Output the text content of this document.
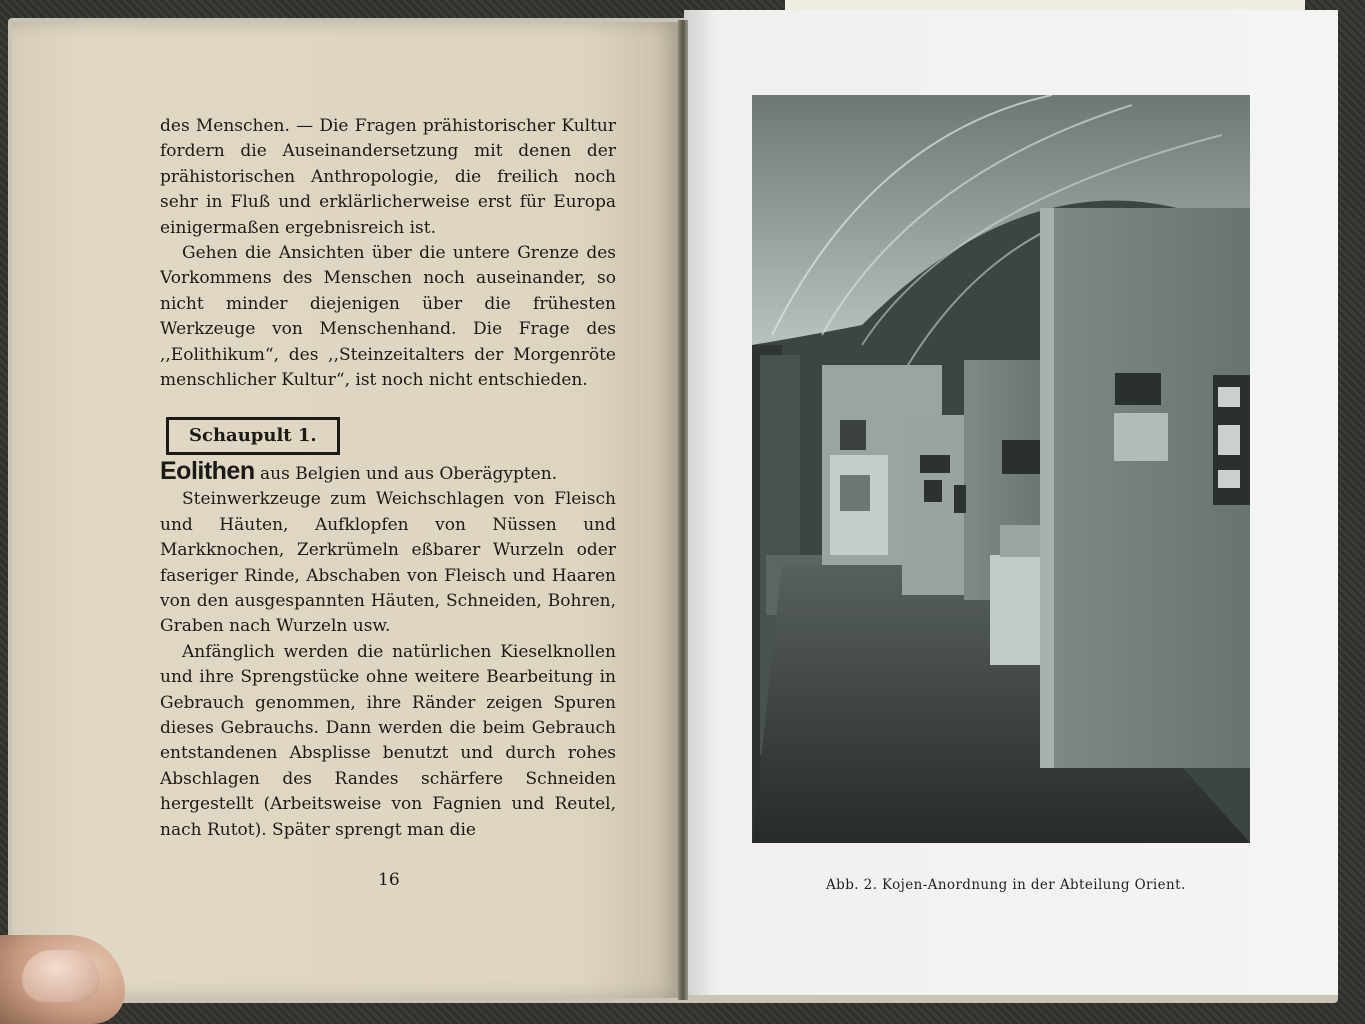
des Menschen. — Die Fragen prähistorischer Kultur fordern die Auseinandersetzung mit denen der prähistorischen Anthropologie, die freilich noch sehr in Fluß und erklärlicherweise erst für Europa einigermaßen ergebnisreich ist.

Gehen die Ansichten über die untere Grenze des Vorkommens des Menschen noch auseinander, so nicht minder diejenigen über die frühesten Werkzeuge von Menschenhand. Die Frage des ,,Eolithikum“, des ,,Steinzeitalters der Morgenröte menschlicher Kultur“, ist noch nicht entschieden.

Schaupult 1.

Eolithen aus Belgien und aus Oberägypten.

Steinwerkzeuge zum Weichschlagen von Fleisch und Häuten, Aufklopfen von Nüssen und Markknochen, Zerkrümeln eßbarer Wurzeln oder faseriger Rinde, Abschaben von Fleisch und Haaren von den ausgespannten Häuten, Schneiden, Bohren, Graben nach Wurzeln usw.

Anfänglich werden die natürlichen Kieselknollen und ihre Sprengstücke ohne weitere Bearbeitung in Gebrauch genommen, ihre Ränder zeigen Spuren dieses Gebrauchs. Dann werden die beim Gebrauch entstandenen Absplisse benutzt und durch rohes Abschlagen des Randes schärfere Schneiden hergestellt (Arbeitsweise von Fagnien und Reutel, nach Rutot). Später sprengt man die

16	Abb. 2. Kojen-Anordnung in der Abteilung Orient.
